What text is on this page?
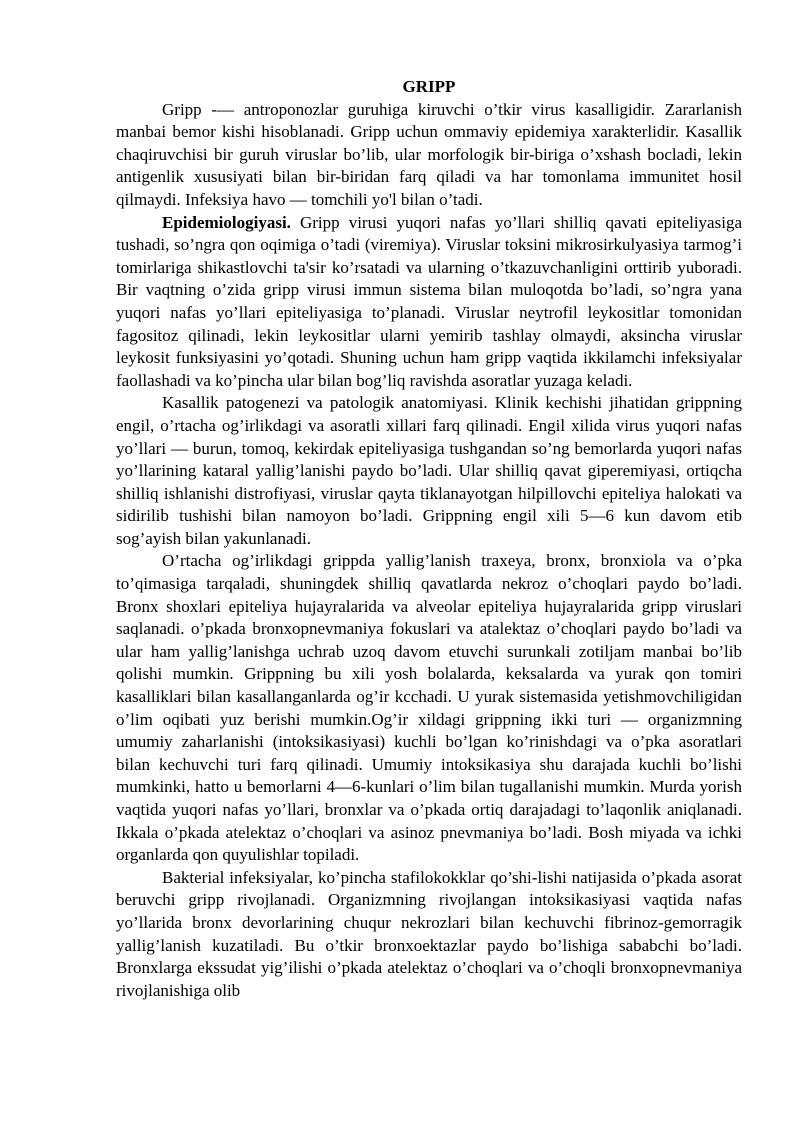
GRIPP

Gripp -— antroponozlar guruhiga kiruvchi o’tkir virus kasalligidir. Zararlanish manbai bemor kishi hisoblanadi. Gripp uchun ommaviy epidemiya xarakterlidir. Kasallik chaqiruvchisi bir guruh viruslar bo’lib, ular morfologik bir-biriga o’xshash bocladi, lekin antigenlik xususiyati bilan bir-biridan farq qiladi va har tomonlama immunitet hosil qilmaydi. Infeksiya havo — tomchili yo'l bilan o’tadi.

Epidemiologiyasi. Gripp virusi yuqori nafas yo’llari shilliq qavati epiteliyasiga tushadi, so’ngra qon oqimiga o’tadi (viremiya). Viruslar toksini mikrosirkulyasiya tarmog’i tomirlariga shikastlovchi ta'sir ko’rsatadi va ularning o’tkazuvchanligini orttirib yuboradi. Bir vaqtning o’zida gripp virusi immun sistema bilan muloqotda bo’ladi, so’ngra yana yuqori nafas yo’llari epiteliyasiga to’planadi. Viruslar neytrofil leykositlar tomonidan fagositoz qilinadi, lekin leykositlar ularni yemirib tashlay olmaydi, aksincha viruslar leykosit funksiyasini yo’qotadi. Shuning uchun ham gripp vaqtida ikkilamchi infeksiyalar faollashadi va ko’pincha ular bilan bog’liq ravishda asoratlar yuzaga keladi.

Kasallik patogenezi va patologik anatomiyasi. Klinik kechishi jihatidan grippning engil, o’rtacha og’irlikdagi va asoratli xillari farq qilinadi. Engil xilida virus yuqori nafas yo’llari — burun, tomoq, kekirdak epiteliyasiga tushgandan so’ng bemorlarda yuqori nafas yo’llarining kataral yallig’lanishi paydo bo’ladi. Ular shilliq qavat giperemiyasi, ortiqcha shilliq ishlanishi distrofiyasi, viruslar qayta tiklanayotgan hilpillovchi epiteliya halokati va sidirilib tushishi bilan namoyon bo’ladi. Grippning engil xili 5—6 kun davom etib sog’ayish bilan yakunlanadi.

O’rtacha og’irlikdagi grippda yallig’lanish traxeya, bronx, bronxiola va o’pka to’qimasiga tarqaladi, shuningdek shilliq qavatlarda nekroz o’choqlari paydo bo’ladi. Bronx shoxlari epiteliya hujayralarida va alveolar epiteliya hujayralarida gripp viruslari saqlanadi. o’pkada bronxopnevmaniya fokuslari va atalektaz o’choqlari paydo bo’ladi va ular ham yallig’lanishga uchrab uzoq davom etuvchi surunkali zotiljam manbai bo’lib qolishi mumkin. Grippning bu xili yosh bolalarda, keksalarda va yurak qon tomiri kasalliklari bilan kasallanganlarda og’ir kcchadi. U yurak sistemasida yetishmovchiligidan o’lim oqibati yuz berishi mumkin.Og’ir xildagi grippning ikki turi — organizmning umumiy zaharlanishi (intoksikasiyasi) kuchli bo’lgan ko’rinishdagi va o’pka asoratlari bilan kechuvchi turi farq qilinadi. Umumiy intoksikasiya shu darajada kuchli bo’lishi mumkinki, hatto u bemorlarni 4—6-kunlari o’lim bilan tugallanishi mumkin. Murda yorish vaqtida yuqori nafas yo’llari, bronxlar va o’pkada ortiq darajadagi to’laqonlik aniqlanadi. Ikkala o’pkada atelektaz o’choqlari va asinoz pnevmaniya bo’ladi. Bosh miyada va ichki organlarda qon quyulishlar topiladi.

Bakterial infeksiyalar, ko’pincha stafilokokklar qo’shi-lishi natijasida o’pkada asorat beruvchi gripp rivojlanadi. Organizmning rivojlangan intoksikasiyasi vaqtida nafas yo’llarida bronx devorlarining chuqur nekrozlari bilan kechuvchi fibrinoz-gemorragik yallig’lanish kuzatiladi. Bu o’tkir bronxoektazlar paydo bo’lishiga sababchi bo’ladi. Bronxlarga ekssudat yig’ilishi o’pkada atelektaz o’choqlari va o’choqli bronxopnevmaniya rivojlanishiga olib
